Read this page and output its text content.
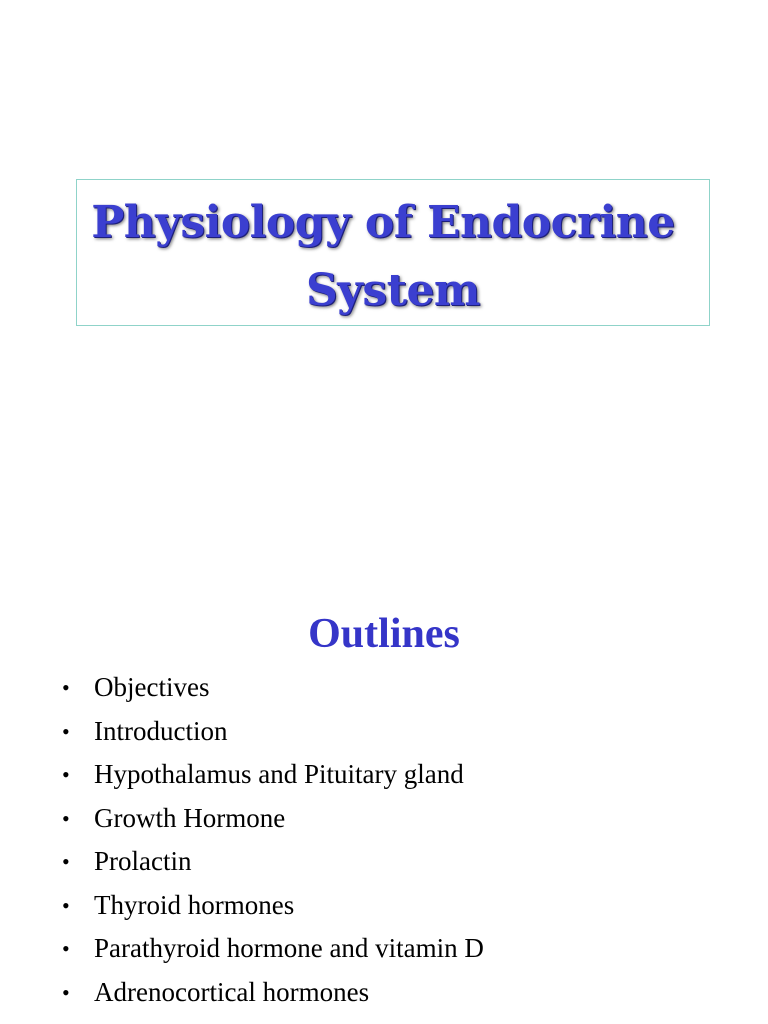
Physiology of Endocrine
System
Outlines
• Objectives
• Introduction
• Hypothalamus and Pituitary gland
• Growth Hormone
• Prolactin
• Thyroid hormones
• Parathyroid hormone and vitamin D
• Adrenocortical hormones
